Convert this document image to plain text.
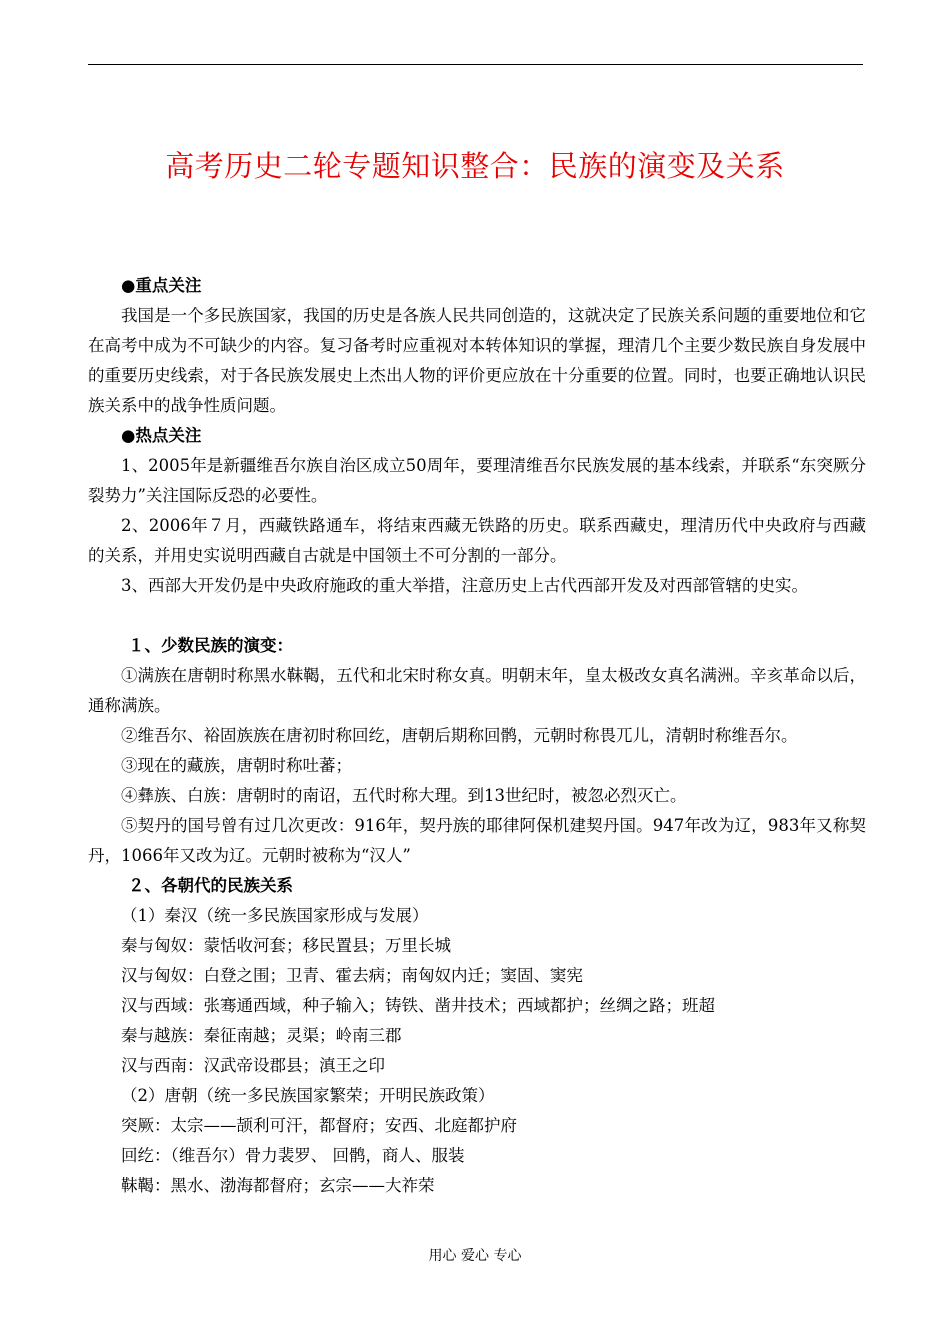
高考历史二轮专题知识整合：民族的演变及关系
●重点关注

我国是一个多民族国家，我国的历史是各族人民共同创造的，这就决定了民族关系问题的重要地位和它在高考中成为不可缺少的内容。复习备考时应重视对本转体知识的掌握，理清几个主要少数民族自身发展中的重要历史线索，对于各民族发展史上杰出人物的评价更应放在十分重要的位置。同时，也要正确地认识民族关系中的战争性质问题。

●热点关注

1、2005年是新疆维吾尔族自治区成立50周年，要理清维吾尔民族发展的基本线索，并联系“东突厥分裂势力”关注国际反恐的必要性。

2、2006年７月，西藏铁路通车，将结束西藏无铁路的历史。联系西藏史，理清历代中央政府与西藏的关系，并用史实说明西藏自古就是中国领土不可分割的一部分。

3、西部大开发仍是中央政府施政的重大举措，注意历史上古代西部开发及对西部管辖的史实。

１、少数民族的演变：

①满族在唐朝时称黑水靺鞨，五代和北宋时称女真。明朝末年，皇太极改女真名满洲。辛亥革命以后，通称满族。

②维吾尔、裕固族族在唐初时称回纥，唐朝后期称回鹘，元朝时称畏兀儿，清朝时称维吾尔。

③现在的藏族，唐朝时称吐蕃；

④彝族、白族：唐朝时的南诏，五代时称大理。到13世纪时，被忽必烈灭亡。

⑤契丹的国号曾有过几次更改：916年，契丹族的耶律阿保机建契丹国。947年改为辽，983年又称契丹，1066年又改为辽。元朝时被称为“汉人”

２、各朝代的民族关系
（1）秦汉（统一多民族国家形成与发展）
秦与匈奴：蒙恬收河套；移民置县；万里长城
汉与匈奴：白登之围；卫青、霍去病；南匈奴内迁；窦固、窦宪
汉与西域：张骞通西域，种子输入；铸铁、凿井技术；西域都护；丝绸之路；班超
秦与越族：秦征南越；灵渠；岭南三郡
汉与西南：汉武帝设郡县；滇王之印
（2）唐朝（统一多民族国家繁荣；开明民族政策）
突厥：太宗——颉利可汗，都督府；安西、北庭都护府
回纥：（维吾尔）骨力裴罗、 回鹘，商人、服装
靺鞨：黑水、渤海都督府；玄宗——大祚荣
用心 爱心 专心
